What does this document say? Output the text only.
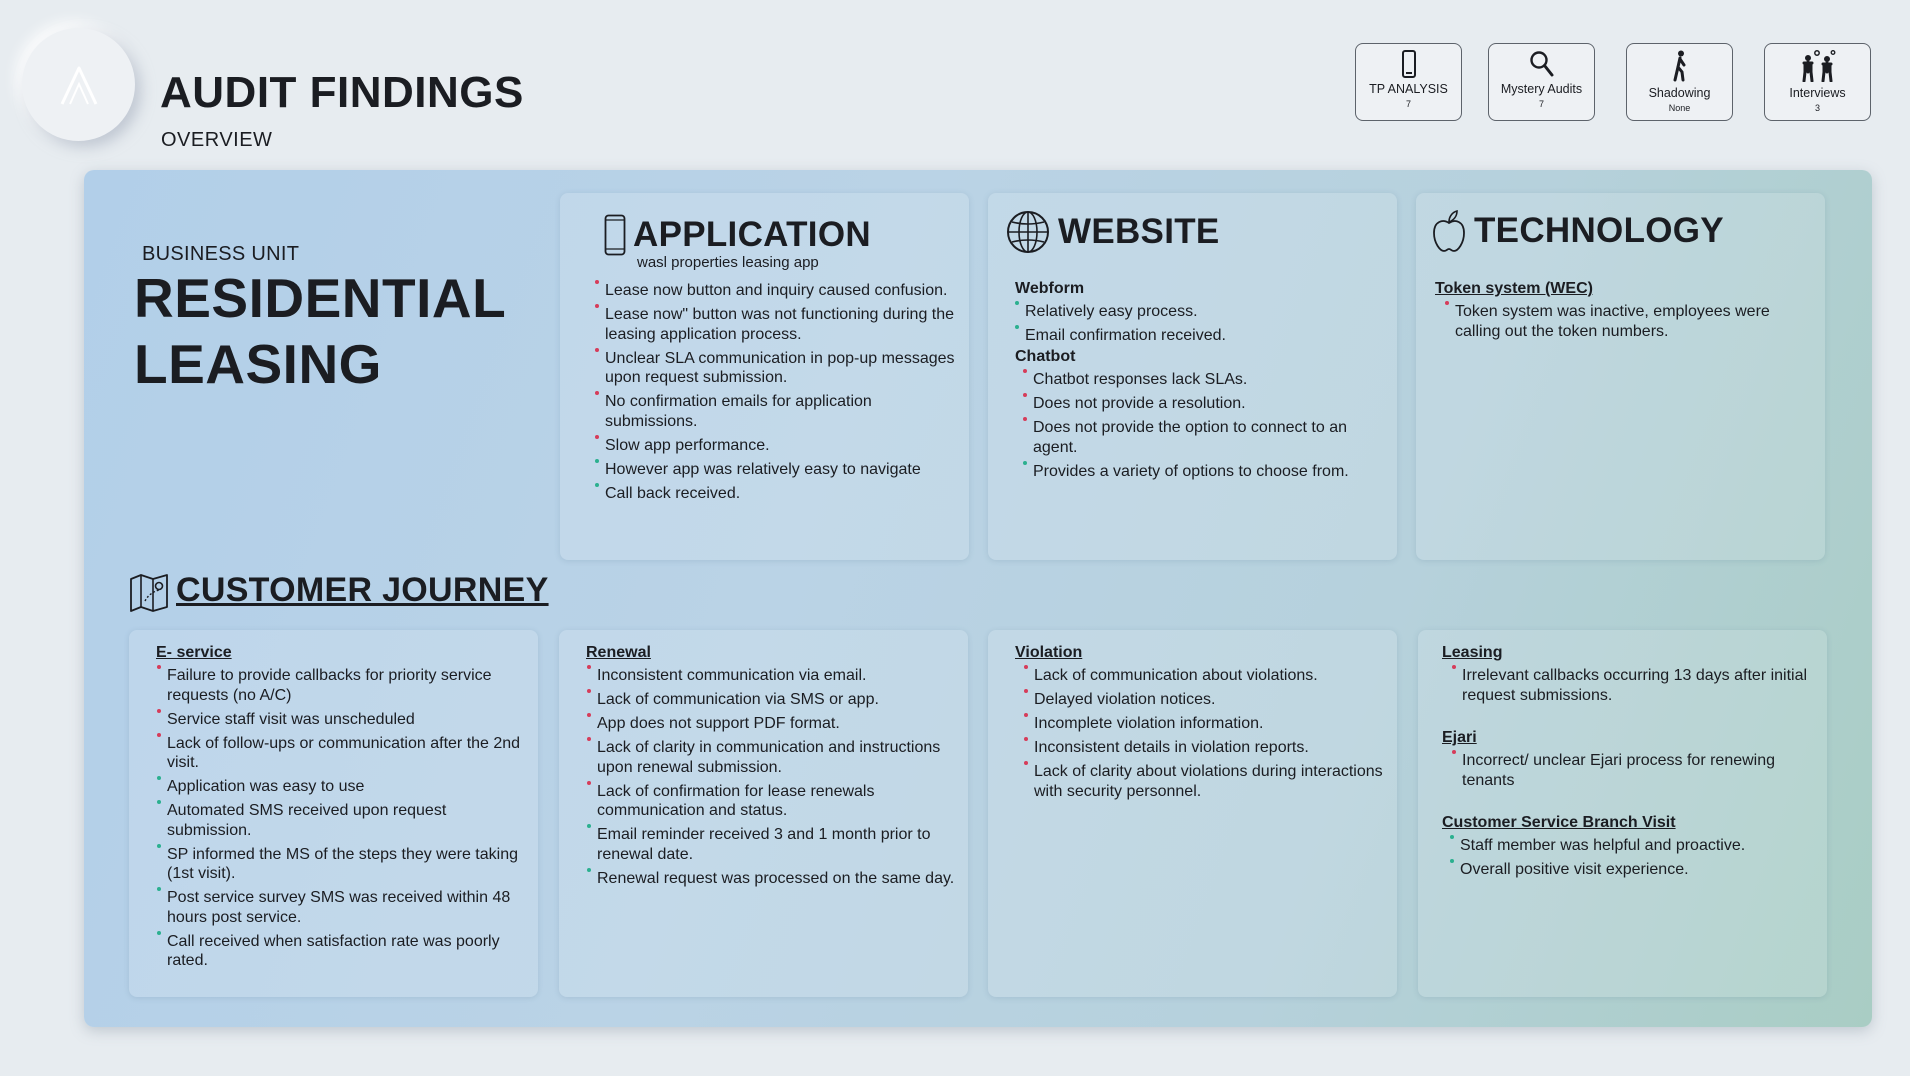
AUDIT FINDINGS
OVERVIEW
TP ANALYSIS
7
Mystery Audits
7
Shadowing
None
Interviews
3
BUSINESS UNIT
RESIDENTIAL
LEASING
APPLICATION
wasl properties leasing app
Lease now button and inquiry caused confusion.
Lease now" button was not functioning during the leasing application process.
Unclear SLA communication in pop-up messages upon request submission.
No confirmation emails for application submissions.
Slow app performance.
However app was relatively easy to navigate
Call back received.
WEBSITE
Webform
Relatively easy process.
Email confirmation received.
Chatbot
Chatbot responses lack SLAs.
Does not provide a resolution.
Does not provide the option to connect to an agent.
Provides a variety of options to choose from.
TECHNOLOGY
Token system (WEC)
Token system was inactive, employees were calling out the token numbers.
CUSTOMER JOURNEY
E- service
Failure to provide callbacks for priority service requests (no A/C)
Service staff visit was unscheduled
Lack of follow-ups or communication after the 2nd visit.
Application was easy to use
Automated SMS received upon request submission.
SP informed the MS of the steps they were taking (1st visit).
Post service survey SMS was received within 48 hours post service.
Call received when satisfaction rate was poorly rated.
Renewal
Inconsistent communication via email.
Lack of communication via SMS or app.
App does not support PDF format.
Lack of clarity in communication and instructions upon renewal submission.
Lack of confirmation for lease renewals communication and status.
Email reminder received 3 and 1 month prior to renewal date.
Renewal request was processed on the same day.
Violation
Lack of communication about violations.
Delayed violation notices.
Incomplete violation information.
Inconsistent details in violation reports.
Lack of clarity about violations during interactions with security personnel.
Leasing
Irrelevant callbacks occurring 13 days after initial request submissions.
Ejari
Incorrect/ unclear Ejari process for renewing tenants
Customer Service Branch Visit
Staff member was helpful and proactive.
Overall positive visit experience.
